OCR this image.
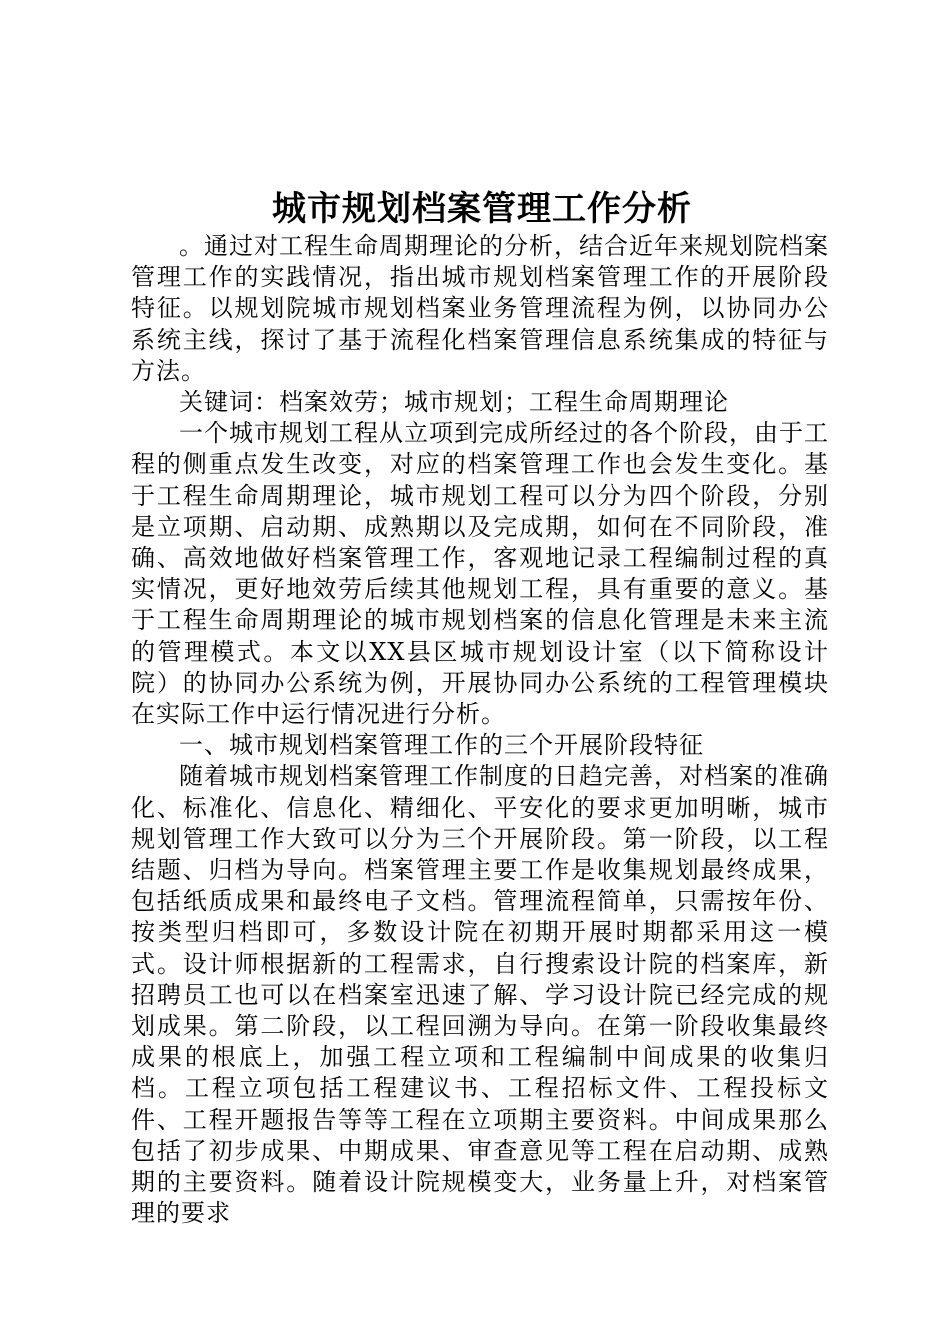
城市规划档案管理工作分析

。通过对工程生命周期理论的分析，结合近年来规划院档案管理工作的实践情况，指出城市规划档案管理工作的开展阶段特征。以规划院城市规划档案业务管理流程为例，以协同办公系统主线，探讨了基于流程化档案管理信息系统集成的特征与方法。

关键词：档案效劳；城市规划；工程生命周期理论

一个城市规划工程从立项到完成所经过的各个阶段，由于工程的侧重点发生改变，对应的档案管理工作也会发生变化。基于工程生命周期理论，城市规划工程可以分为四个阶段，分别是立项期、启动期、成熟期以及完成期，如何在不同阶段，准确、高效地做好档案管理工作，客观地记录工程编制过程的真实情况，更好地效劳后续其他规划工程，具有重要的意义。基于工程生命周期理论的城市规划档案的信息化管理是未来主流的管理模式。本文以XX县区城市规划设计室（以下简称设计院）的协同办公系统为例，开展协同办公系统的工程管理模块在实际工作中运行情况进行分析。

一、城市规划档案管理工作的三个开展阶段特征

随着城市规划档案管理工作制度的日趋完善，对档案的准确化、标准化、信息化、精细化、平安化的要求更加明晰，城市规划管理工作大致可以分为三个开展阶段。第一阶段，以工程结题、归档为导向。档案管理主要工作是收集规划最终成果，包括纸质成果和最终电子文档。管理流程简单，只需按年份、按类型归档即可，多数设计院在初期开展时期都采用这一模式。设计师根据新的工程需求，自行搜索设计院的档案库，新招聘员工也可以在档案室迅速了解、学习设计院已经完成的规划成果。第二阶段，以工程回溯为导向。在第一阶段收集最终成果的根底上，加强工程立项和工程编制中间成果的收集归档。工程立项包括工程建议书、工程招标文件、工程投标文件、工程开题报告等等工程在立项期主要资料。中间成果那么包括了初步成果、中期成果、审查意见等工程在启动期、成熟期的主要资料。随着设计院规模变大，业务量上升，对档案管理的要求
